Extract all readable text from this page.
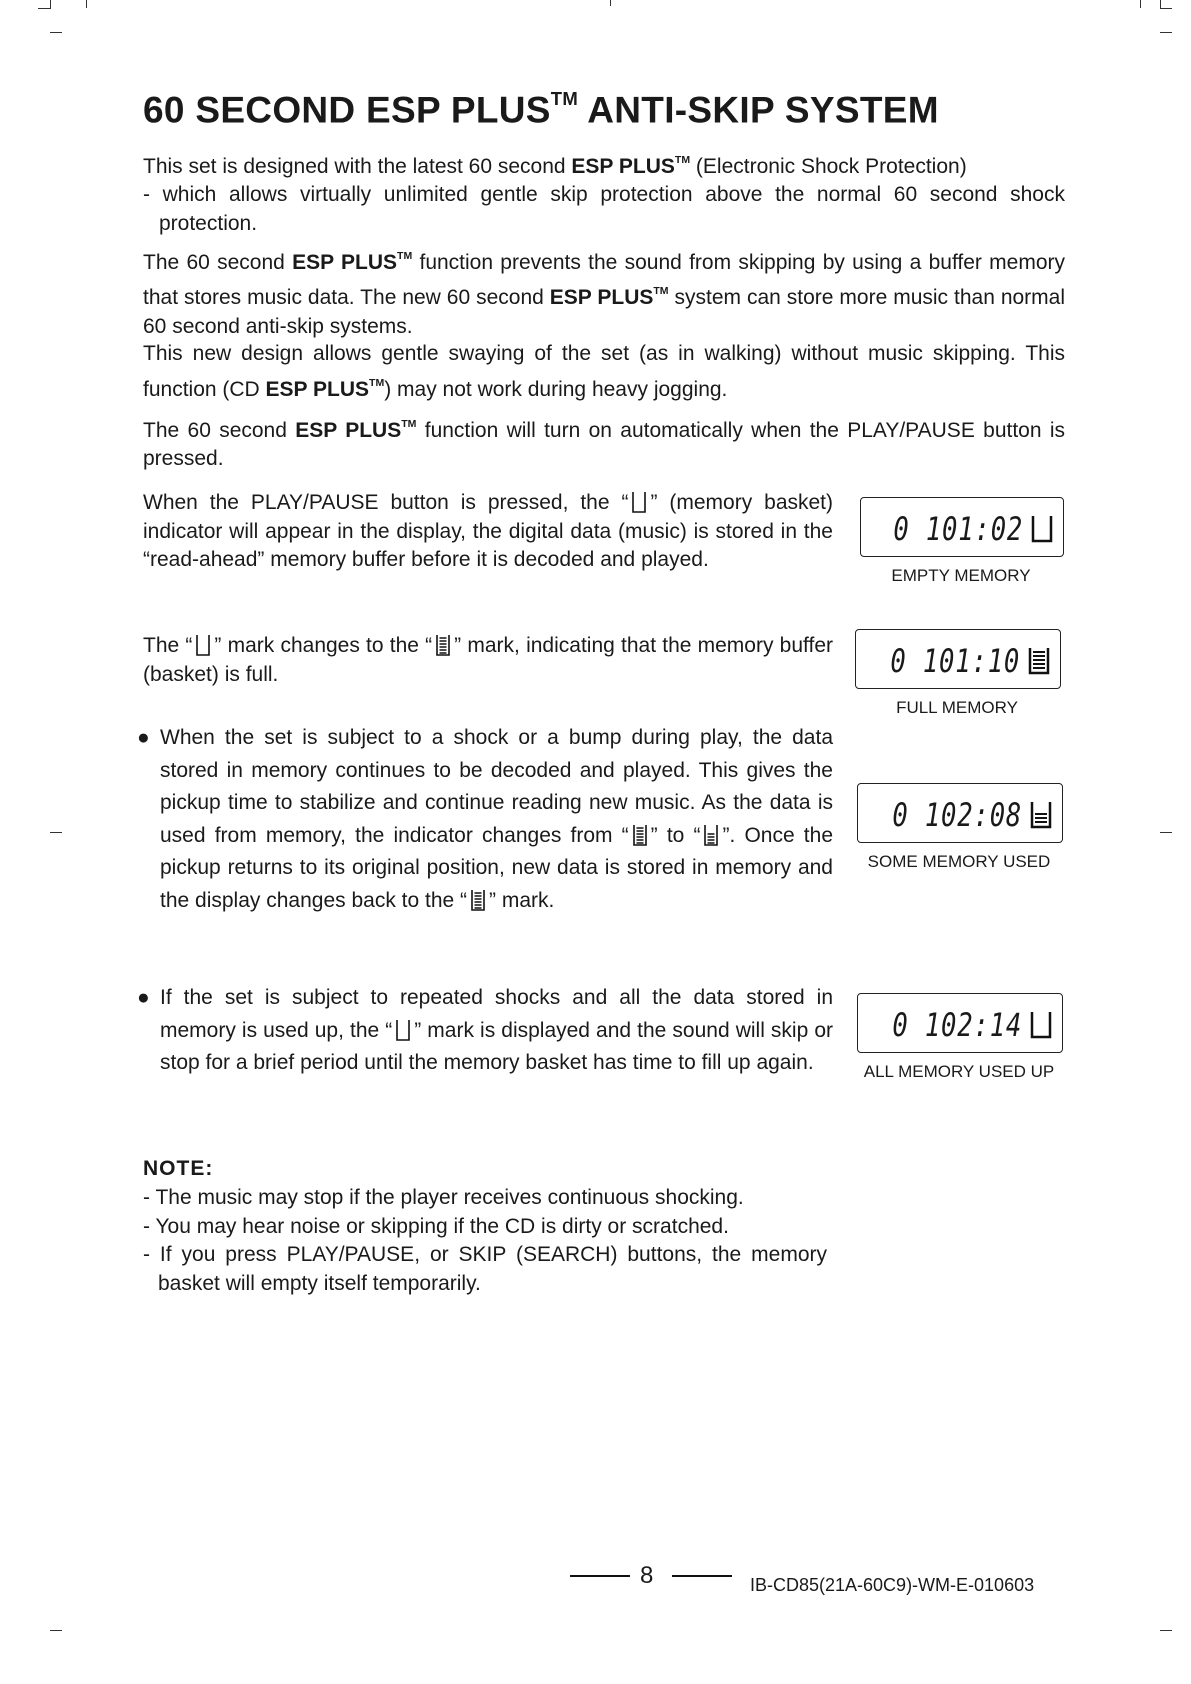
60 SECOND ESP PLUS™ ANTI-SKIP SYSTEM
This set is designed with the latest 60 second ESP PLUS™ (Electronic Shock Protection)
- which allows virtually unlimited gentle skip protection above the normal 60 second shock protection.
The 60 second ESP PLUS™ function prevents the sound from skipping by using a buffer memory that stores music data. The new 60 second ESP PLUS™ system can store more music than normal 60 second anti-skip systems.
This new design allows gentle swaying of the set (as in walking) without music skipping. This function (CD ESP PLUS™) may not work during heavy jogging.
The 60 second ESP PLUS™ function will turn on automatically when the PLAY/PAUSE button is pressed.
When the PLAY/PAUSE button is pressed, the “ ” (memory basket) indicator will appear in the display, the digital data (music) is stored in the “read-ahead” memory buffer before it is decoded and played.
The “ ” mark changes to the “ ” mark, indicating that the memory buffer (basket) is full.
● When the set is subject to a shock or a bump during play, the data stored in memory continues to be decoded and played. This gives the pickup time to stabilize and continue reading new music. As the data is used from memory, the indicator changes from “ ” to “ ”. Once the pickup returns to its original position, new data is stored in memory and the display changes back to the “ ” mark.
● If the set is subject to repeated shocks and all the data stored in memory is used up, the “ ” mark is displayed and the sound will skip or stop for a brief period until the memory basket has time to fill up again.
0 101:02
EMPTY MEMORY
0 101:10
FULL MEMORY
0 102:08
SOME MEMORY USED
0 102:14
ALL MEMORY USED UP
NOTE:
- The music may stop if the player receives continuous shocking.
- You may hear noise or skipping if the CD is dirty or scratched.
- If you press PLAY/PAUSE, or SKIP (SEARCH) buttons, the memory basket will empty itself temporarily.
8	IB-CD85(21A-60C9)-WM-E-010603
